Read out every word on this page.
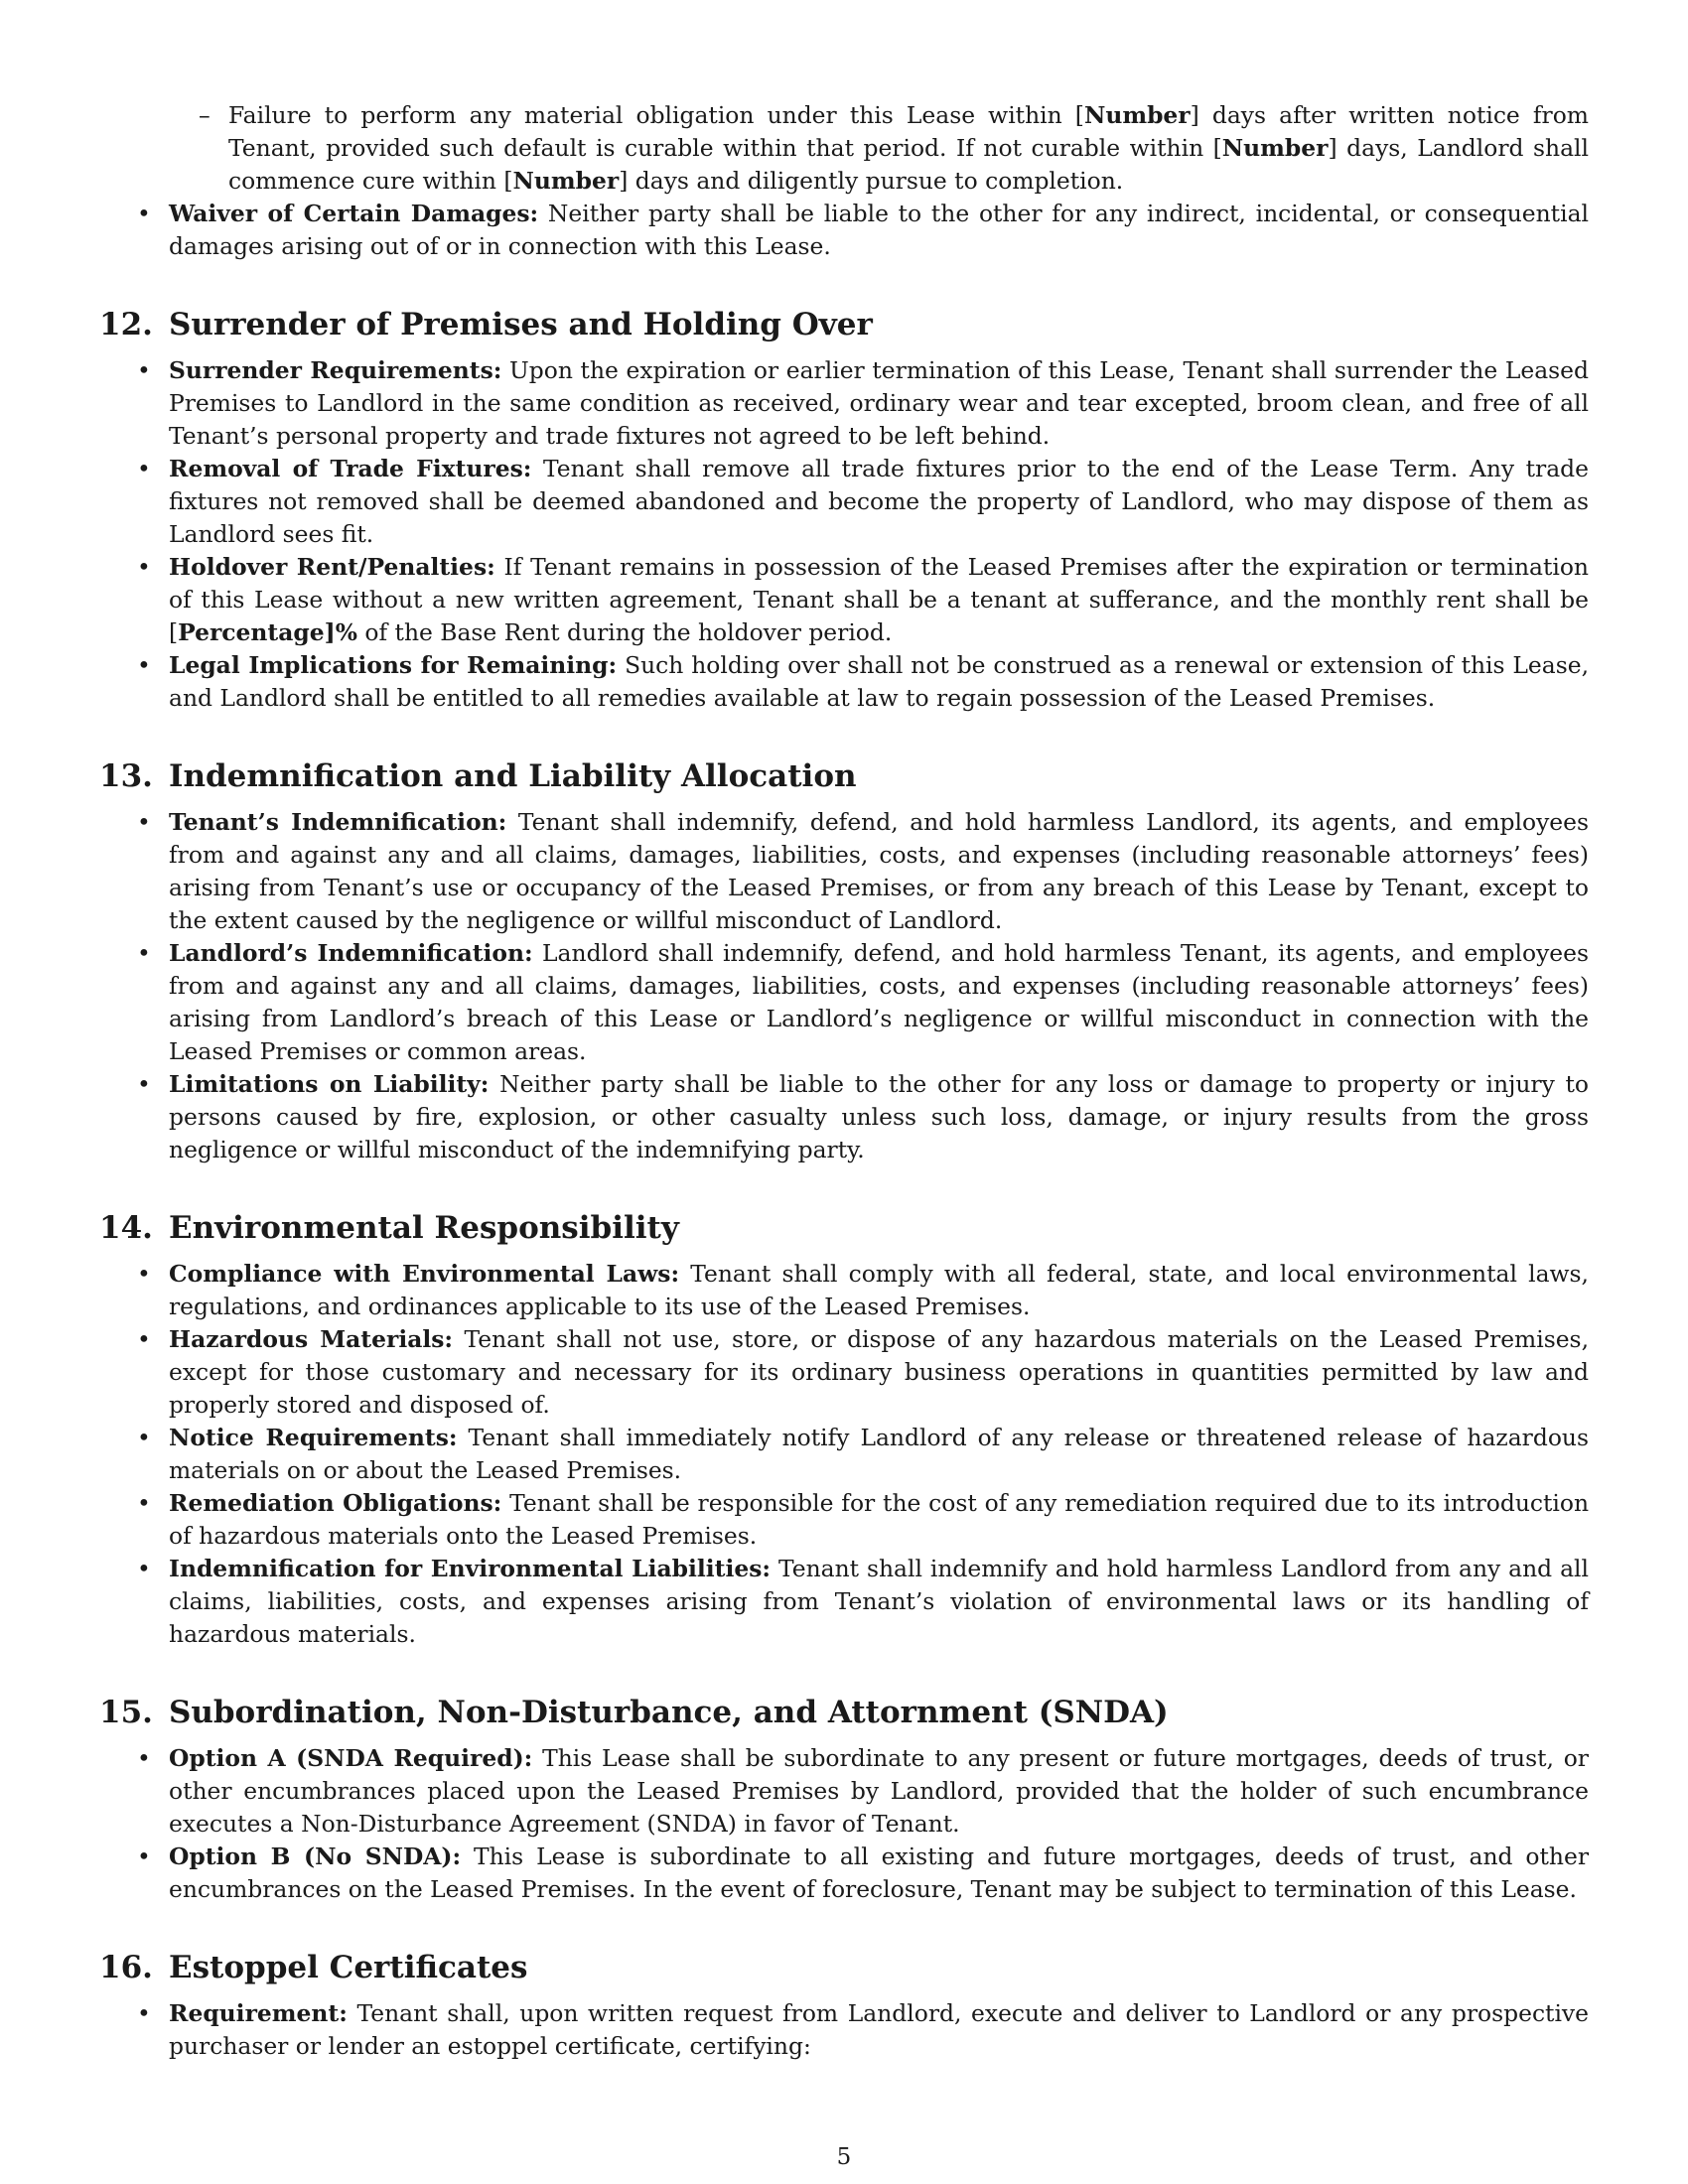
– Failure to perform any material obligation under this Lease within [Number] days after written notice from Tenant, provided such default is curable within that period. If not curable within [Number] days, Landlord shall commence cure within [Number] days and diligently pursue to completion.

• Waiver of Certain Damages: Neither party shall be liable to the other for any indirect, incidental, or consequential damages arising out of or in connection with this Lease.

12. Surrender of Premises and Holding Over

• Surrender Requirements: Upon the expiration or earlier termination of this Lease, Tenant shall surrender the Leased Premises to Landlord in the same condition as received, ordinary wear and tear excepted, broom clean, and free of all Tenant’s personal property and trade fixtures not agreed to be left behind.

• Removal of Trade Fixtures: Tenant shall remove all trade fixtures prior to the end of the Lease Term. Any trade fixtures not removed shall be deemed abandoned and become the property of Landlord, who may dispose of them as Landlord sees fit.

• Holdover Rent/Penalties: If Tenant remains in possession of the Leased Premises after the expiration or termination of this Lease without a new written agreement, Tenant shall be a tenant at sufferance, and the monthly rent shall be [Percentage]% of the Base Rent during the holdover period.

• Legal Implications for Remaining: Such holding over shall not be construed as a renewal or extension of this Lease, and Landlord shall be entitled to all remedies available at law to regain possession of the Leased Premises.

13. Indemnification and Liability Allocation

• Tenant’s Indemnification: Tenant shall indemnify, defend, and hold harmless Landlord, its agents, and employees from and against any and all claims, damages, liabilities, costs, and expenses (including reasonable attorneys’ fees) arising from Tenant’s use or occupancy of the Leased Premises, or from any breach of this Lease by Tenant, except to the extent caused by the negligence or willful misconduct of Landlord.

• Landlord’s Indemnification: Landlord shall indemnify, defend, and hold harmless Tenant, its agents, and employees from and against any and all claims, damages, liabilities, costs, and expenses (including reasonable attorneys’ fees) arising from Landlord’s breach of this Lease or Landlord’s negligence or willful misconduct in connection with the Leased Premises or common areas.

• Limitations on Liability: Neither party shall be liable to the other for any loss or damage to property or injury to persons caused by fire, explosion, or other casualty unless such loss, damage, or injury results from the gross negligence or willful misconduct of the indemnifying party.

14. Environmental Responsibility

• Compliance with Environmental Laws: Tenant shall comply with all federal, state, and local environmental laws, regulations, and ordinances applicable to its use of the Leased Premises.

• Hazardous Materials: Tenant shall not use, store, or dispose of any hazardous materials on the Leased Premises, except for those customary and necessary for its ordinary business operations in quantities permitted by law and properly stored and disposed of.

• Notice Requirements: Tenant shall immediately notify Landlord of any release or threatened release of hazardous materials on or about the Leased Premises.

• Remediation Obligations: Tenant shall be responsible for the cost of any remediation required due to its introduction of hazardous materials onto the Leased Premises.

• Indemnification for Environmental Liabilities: Tenant shall indemnify and hold harmless Landlord from any and all claims, liabilities, costs, and expenses arising from Tenant’s violation of environmental laws or its handling of hazardous materials.

15. Subordination, Non-Disturbance, and Attornment (SNDA)

• Option A (SNDA Required): This Lease shall be subordinate to any present or future mortgages, deeds of trust, or other encumbrances placed upon the Leased Premises by Landlord, provided that the holder of such encumbrance executes a Non-Disturbance Agreement (SNDA) in favor of Tenant.

• Option B (No SNDA): This Lease is subordinate to all existing and future mortgages, deeds of trust, and other encumbrances on the Leased Premises. In the event of foreclosure, Tenant may be subject to termination of this Lease.

16. Estoppel Certificates

• Requirement: Tenant shall, upon written request from Landlord, execute and deliver to Landlord or any prospective purchaser or lender an estoppel certificate, certifying:

5
